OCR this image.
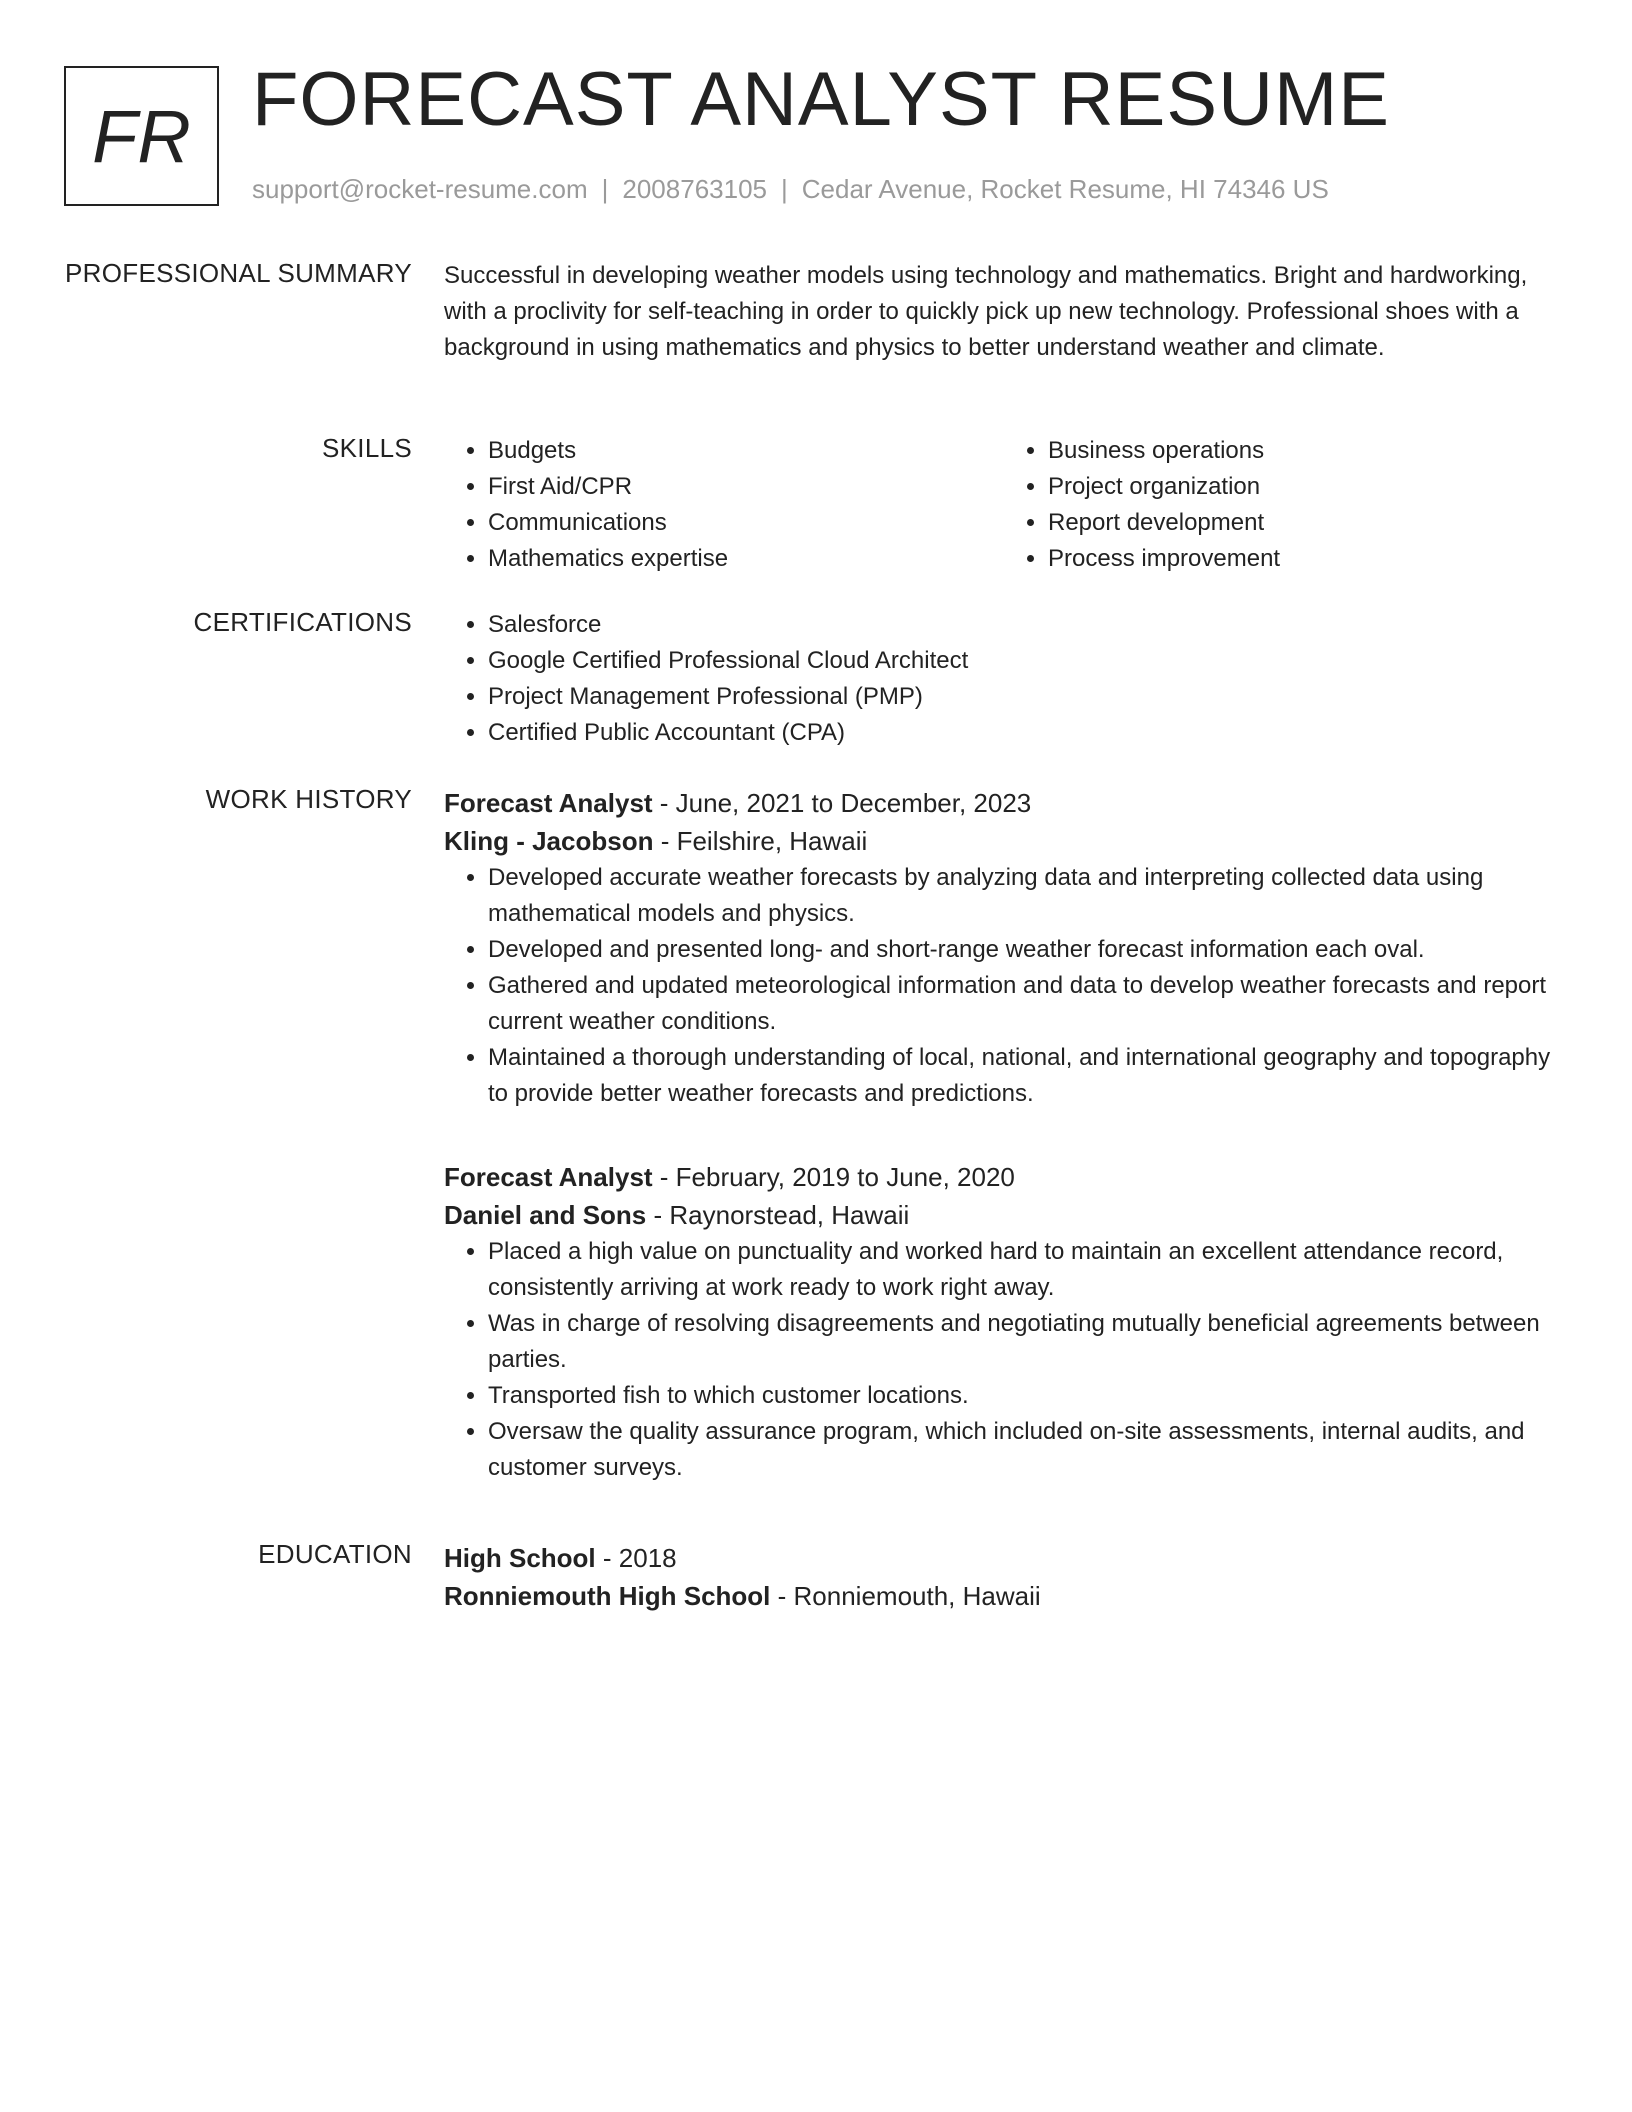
FR FORECAST ANALYST RESUME
support@rocket-resume.com | 2008763105 | Cedar Avenue, Rocket Resume, HI 74346 US
PROFESSIONAL SUMMARY Successful in developing weather models using technology and mathematics. Bright and hardworking, with a proclivity for self-teaching in order to quickly pick up new technology. Professional shoes with a background in using mathematics and physics to better understand weather and climate.

SKILLS	• Budgets
• First Aid/CPR
• Communications
• Mathematics expertise
• Business operations
• Project organization
• Report development
• Process improvement
CERTIFICATIONS	• Salesforce
• Google Certified Professional Cloud Architect
• Project Management Professional (PMP)
• Certified Public Accountant (CPA)
WORK HISTORY Forecast Analyst - June, 2021 to December, 2023
Kling - Jacobson - Feilshire, Hawaii
• Developed accurate weather forecasts by analyzing data and interpreting collected data using mathematical models and physics.
• Developed and presented long- and short-range weather forecast information each oval.
• Gathered and updated meteorological information and data to develop weather forecasts and report current weather conditions.
• Maintained a thorough understanding of local, national, and international geography and topography to provide better weather forecasts and predictions.
Forecast Analyst - February, 2019 to June, 2020
Daniel and Sons - Raynorstead, Hawaii
• Placed a high value on punctuality and worked hard to maintain an excellent attendance record, consistently arriving at work ready to work right away.
• Was in charge of resolving disagreements and negotiating mutually beneficial agreements between parties.
• Transported fish to which customer locations.
• Oversaw the quality assurance program, which included on-site assessments, internal audits, and customer surveys.
EDUCATION High School - 2018
Ronniemouth High School - Ronniemouth, Hawaii
